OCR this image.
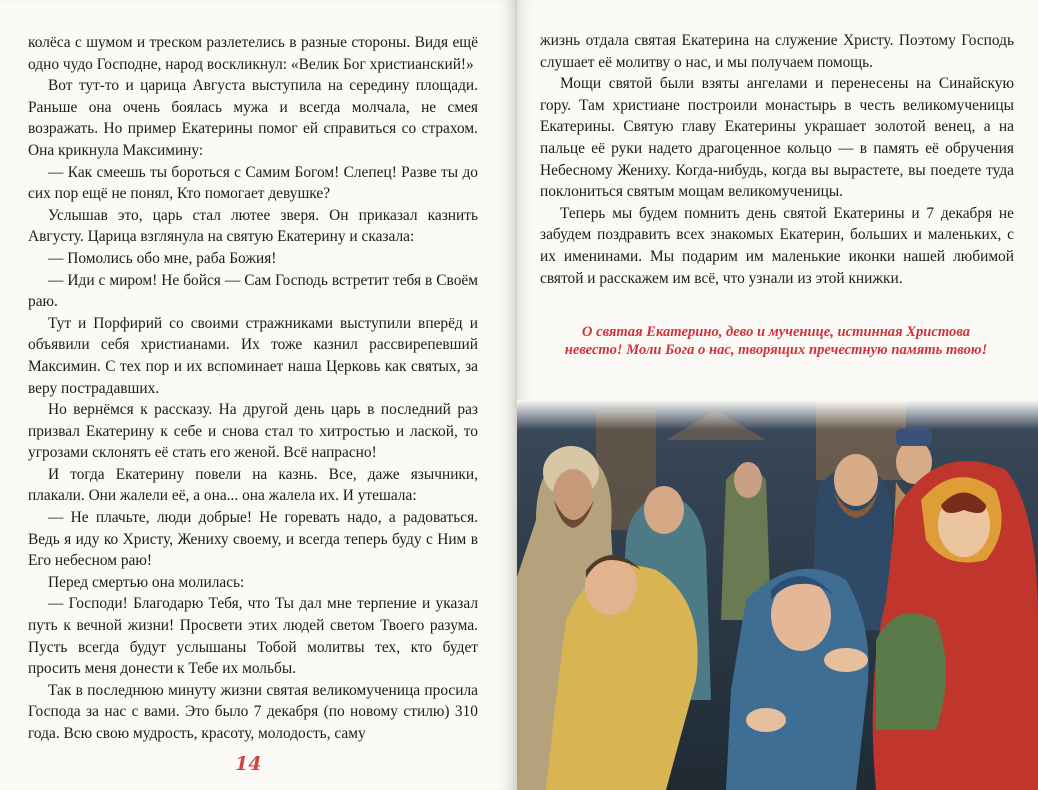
колёса с шумом и треском разлетелись в разные стороны. Видя ещё одно чудо Господне, народ воскликнул: «Велик Бог христианский!»

Вот тут-то и царица Августа выступила на середину площади. Раньше она очень боялась мужа и всегда молчала, не смея возражать. Но пример Екатерины помог ей справиться со страхом. Она крикнула Максимину:

— Как смеешь ты бороться с Самим Богом! Слепец! Разве ты до сих пор ещё не понял, Кто помогает девушке?

Услышав это, царь стал лютее зверя. Он приказал казнить Августу. Царица взглянула на святую Екатерину и сказала:

— Помолись обо мне, раба Божия!

— Иди с миром! Не бойся — Сам Господь встретит тебя в Своём раю.

Тут и Порфирий со своими стражниками выступили вперёд и объявили себя христианами. Их тоже казнил рассвирепевший Максимин. С тех пор и их вспоминает наша Церковь как святых, за веру пострадавших.

Но вернёмся к рассказу. На другой день царь в последний раз призвал Екатерину к себе и снова стал то хитростью и лаской, то угрозами склонять её стать его женой. Всё напрасно!

И тогда Екатерину повели на казнь. Все, даже язычники, плакали. Они жалели её, а она... она жалела их. И утешала:

— Не плачьте, люди добрые! Не горевать надо, а радоваться. Ведь я иду ко Христу, Жениху своему, и всегда теперь буду с Ним в Его небесном раю!

Перед смертью она молилась:

— Господи! Благодарю Тебя, что Ты дал мне терпение и указал путь к вечной жизни! Просвети этих людей светом Твоего разума. Пусть всегда будут услышаны Тобой молитвы тех, кто будет просить меня донести к Тебе их мольбы.

Так в последнюю минуту жизни святая великомученица просила Господа за нас с вами. Это было 7 декабря (по новому стилю) 310 года. Всю свою мудрость, красоту, молодость, саму

14

жизнь отдала святая Екатерина на служение Христу. Поэтому Господь слушает её молитву о нас, и мы получаем помощь.

Мощи святой были взяты ангелами и перенесены на Синайскую гору. Там христиане построили монастырь в честь великомученицы Екатерины. Святую главу Екатерины украшает золотой венец, а на пальце её руки надето драгоценное кольцо — в память её обручения Небесному Жениху. Когда-нибудь, когда вы вырастете, вы поедете туда поклониться святым мощам великомученицы.

Теперь мы будем помнить день святой Екатерины и 7 декабря не забудем поздравить всех знакомых Екатерин, больших и маленьких, с их именинами. Мы подарим им маленькие иконки нашей любимой святой и расскажем им всё, что узнали из этой книжки.

О святая Екатерино, дево и мученице, истинная Христова невесто! Моли Бога о нас, творящих пречестную память твою!
